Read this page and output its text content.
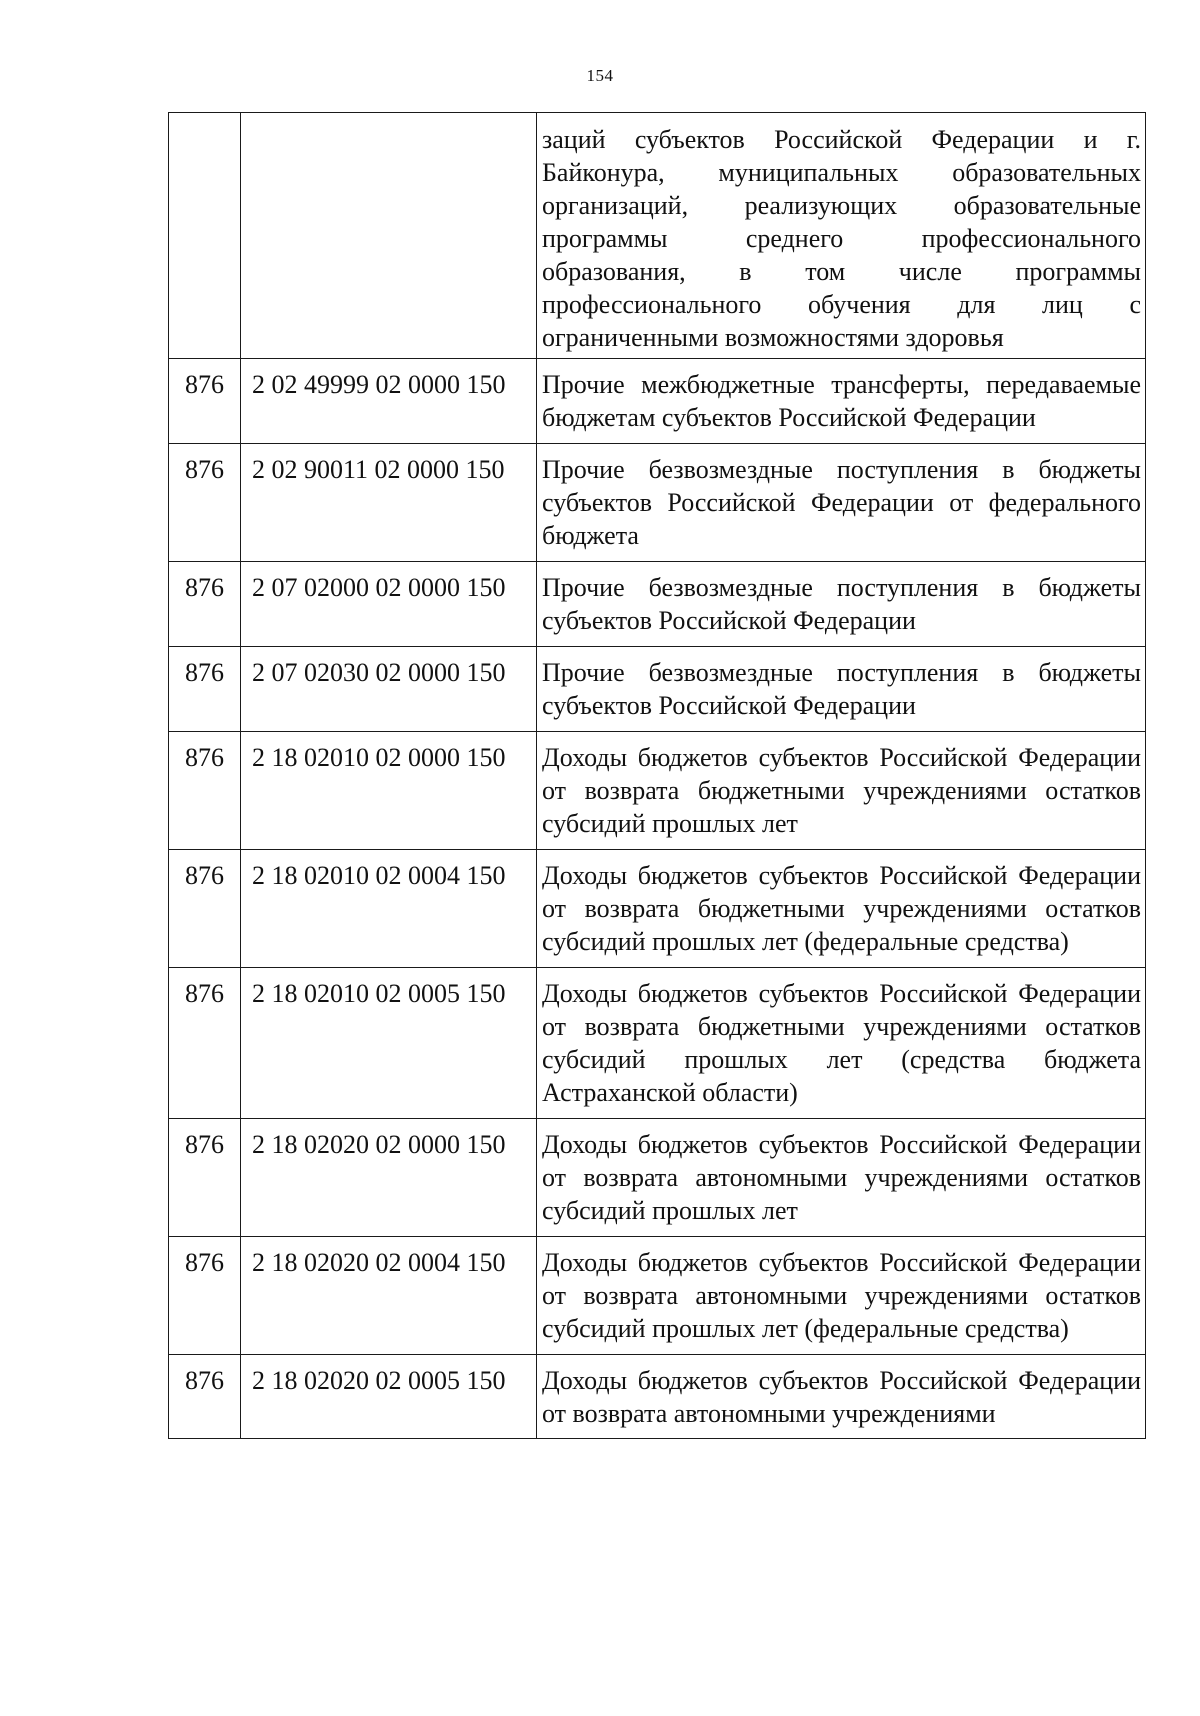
154
		заций субъектов Российской Федерации и г. Байконура, муниципальных образовательных организаций, реализующих образовательные программы среднего профессионального образования, в том числе программы профессионального обучения для лиц с ограниченными возможностями здоровья
876	2 02 49999 02 0000 150	Прочие межбюджетные трансферты, передаваемые бюджетам субъектов Российской Федерации
876	2 02 90011 02 0000 150	Прочие безвозмездные поступления в бюджеты субъектов Российской Федерации от федерального бюджета
876	2 07 02000 02 0000 150	Прочие безвозмездные поступления в бюджеты субъектов Российской Федерации
876	2 07 02030 02 0000 150	Прочие безвозмездные поступления в бюджеты субъектов Российской Федерации
876	2 18 02010 02 0000 150	Доходы бюджетов субъектов Российской Федерации от возврата бюджетными учреждениями остатков субсидий прошлых лет
876	2 18 02010 02 0004 150	Доходы бюджетов субъектов Российской Федерации от возврата бюджетными учреждениями остатков субсидий прошлых лет (федеральные средства)
876	2 18 02010 02 0005 150	Доходы бюджетов субъектов Российской Федерации от возврата бюджетными учреждениями остатков субсидий прошлых лет (средства бюджета Астраханской области)
876	2 18 02020 02 0000 150	Доходы бюджетов субъектов Российской Федерации от возврата автономными учреждениями остатков субсидий прошлых лет
876	2 18 02020 02 0004 150	Доходы бюджетов субъектов Российской Федерации от возврата автономными учреждениями остатков субсидий прошлых лет (федеральные средства)
876	2 18 02020 02 0005 150	Доходы бюджетов субъектов Российской Федерации от возврата автономными учреждениями
